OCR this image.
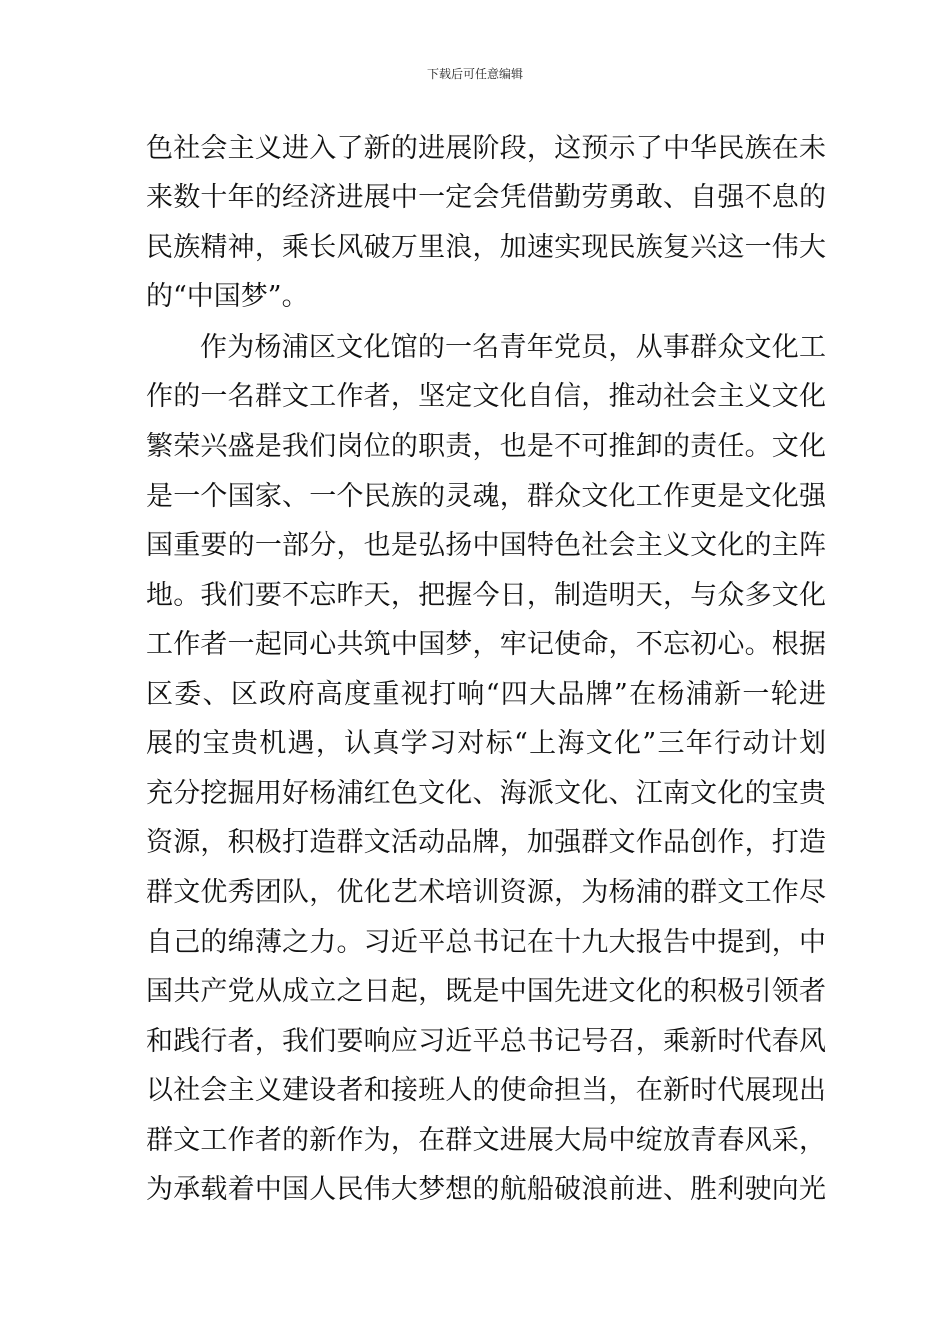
下载后可任意编辑

色社会主义进入了新的进展阶段，这预示了中华民族在未

来数十年的经济进展中一定会凭借勤劳勇敢、自强不息的

民族精神，乘长风破万里浪，加速实现民族复兴这一伟大

的“中国梦”。

作为杨浦区文化馆的一名青年党员，从事群众文化工

作的一名群文工作者，坚定文化自信，推动社会主义文化

繁荣兴盛是我们岗位的职责，也是不可推卸的责任。文化

是一个国家、一个民族的灵魂，群众文化工作更是文化强

国重要的一部分，也是弘扬中国特色社会主义文化的主阵

地。我们要不忘昨天，把握今日，制造明天，与众多文化

工作者一起同心共筑中国梦，牢记使命，不忘初心。根据

区委、区政府高度重视打响“四大品牌”在杨浦新一轮进

展的宝贵机遇，认真学习对标“上海文化”三年行动计划

充分挖掘用好杨浦红色文化、海派文化、江南文化的宝贵

资源，积极打造群文活动品牌，加强群文作品创作，打造

群文优秀团队，优化艺术培训资源，为杨浦的群文工作尽

自己的绵薄之力。习近平总书记在十九大报告中提到，中

国共产党从成立之日起，既是中国先进文化的积极引领者

和践行者，我们要响应习近平总书记号召，乘新时代春风

以社会主义建设者和接班人的使命担当，在新时代展现出

群文工作者的新作为，在群文进展大局中绽放青春风采，

为承载着中国人民伟大梦想的航船破浪前进、胜利驶向光
